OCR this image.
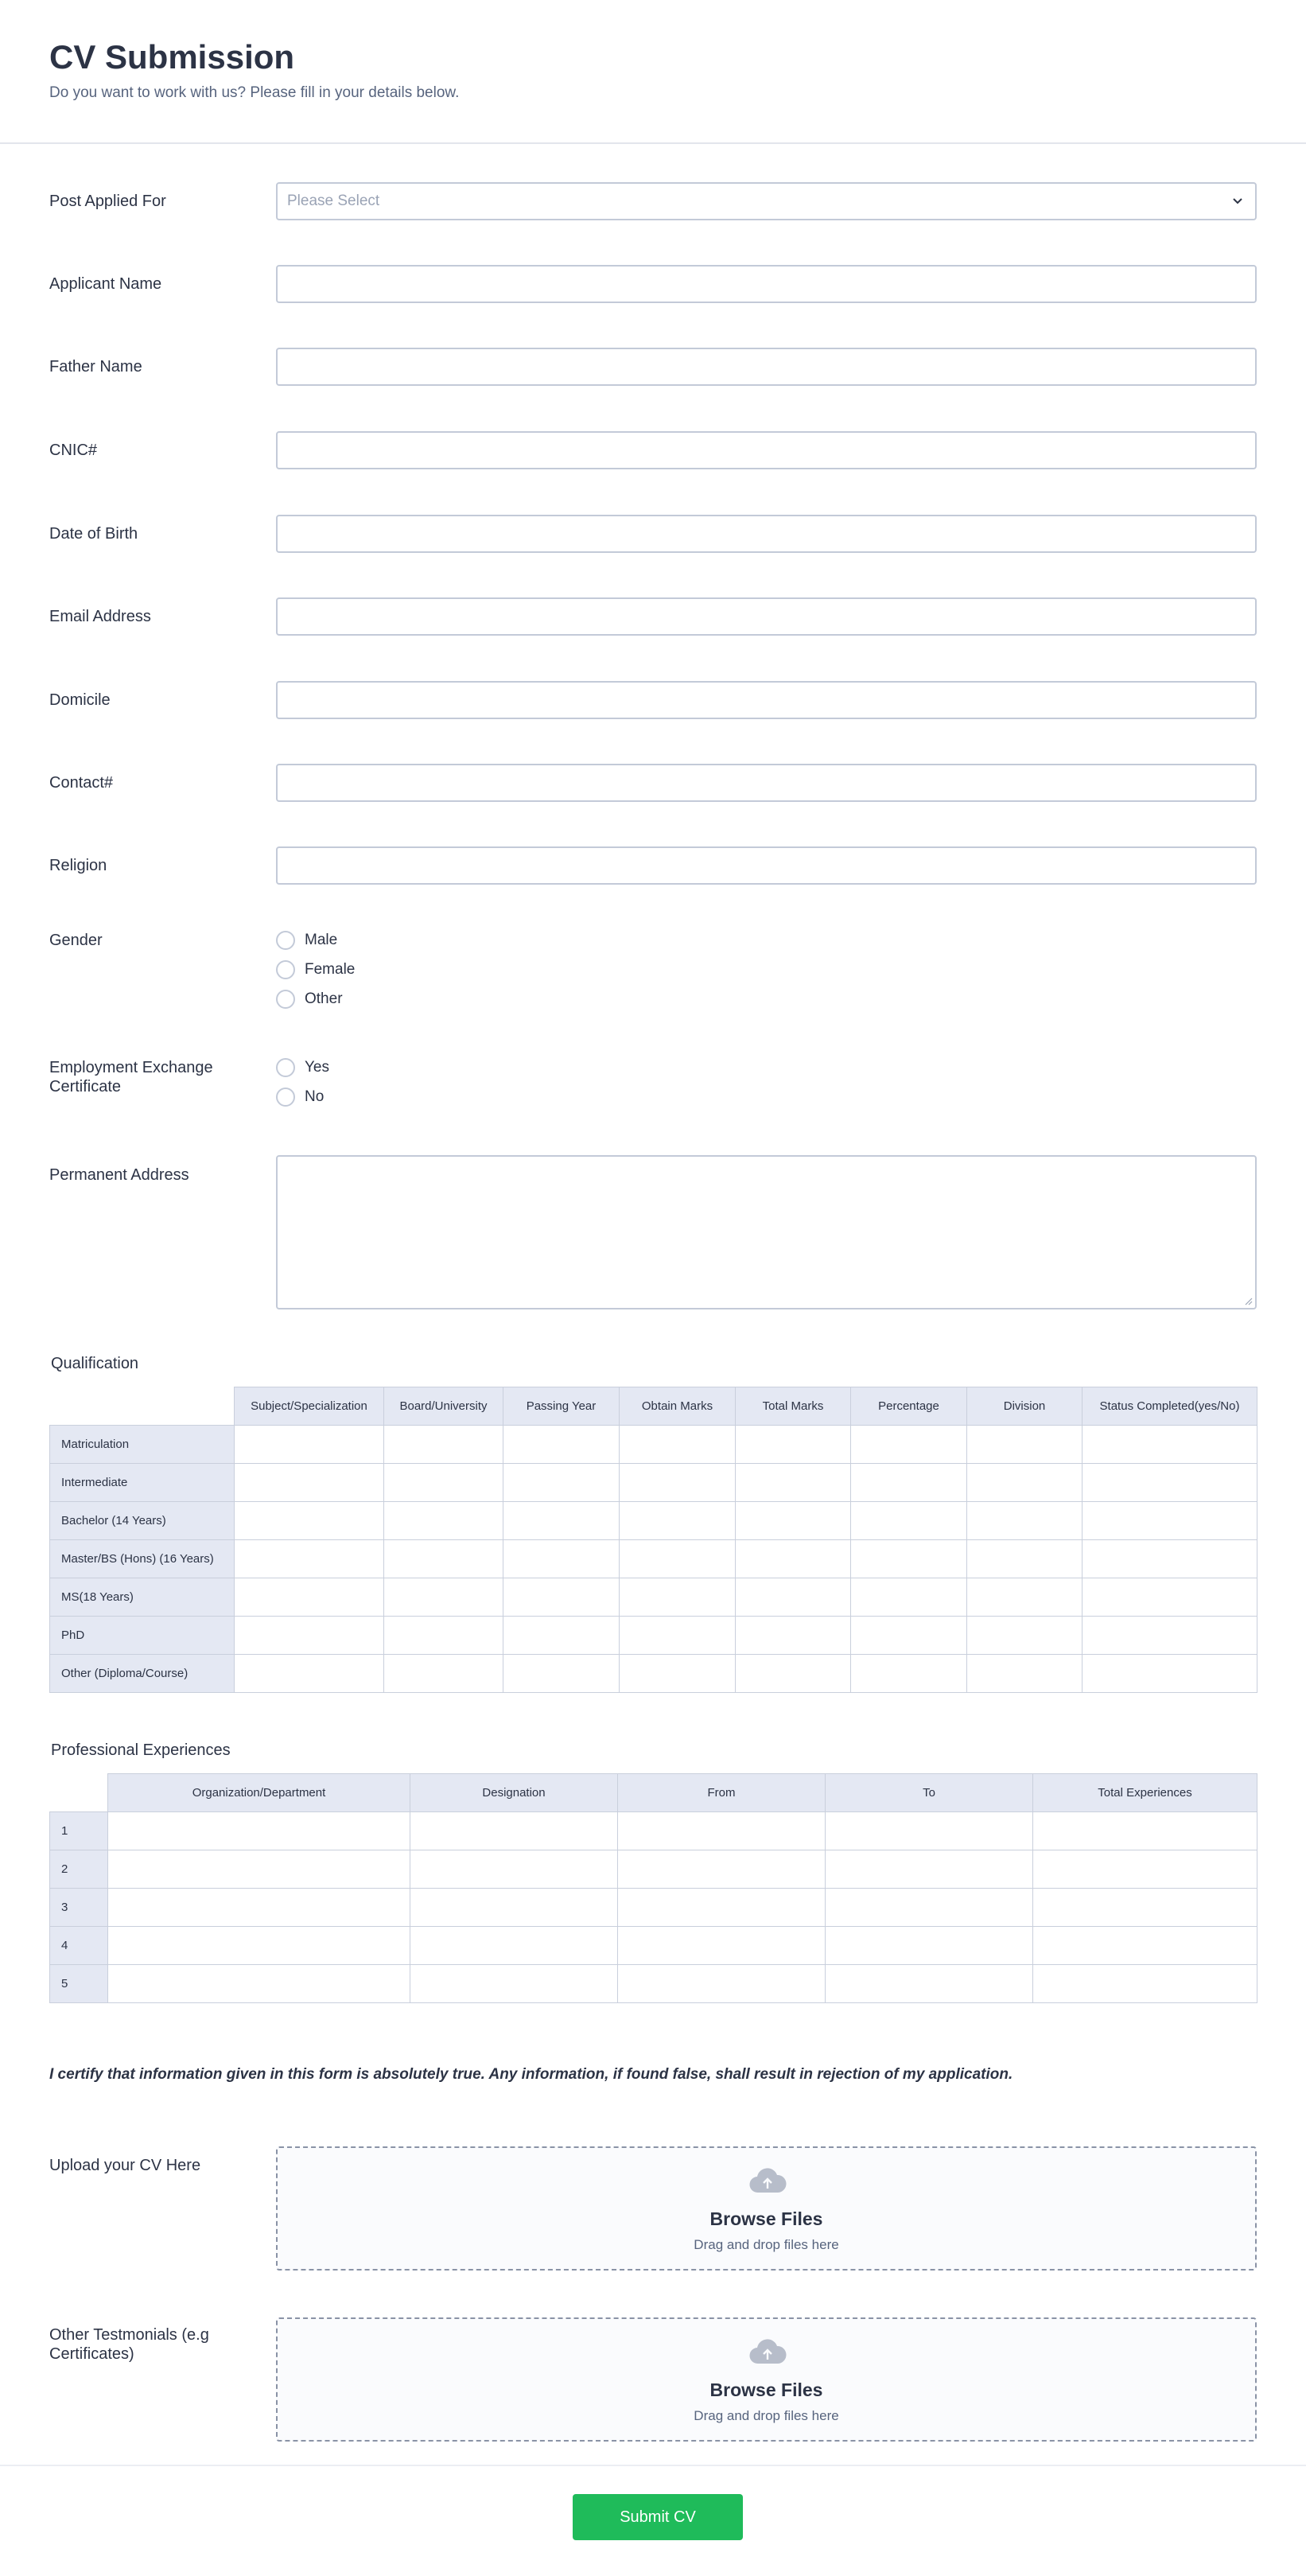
CV Submission
Do you want to work with us? Please fill in your details below.
Post Applied For	Please Select
Applicant Name
Father Name
CNIC#
Date of Birth
Email Address
Domicile
Contact#
Religion
Gender	Male
Female
Other
Employment Exchange Certificate
Yes
No
Permanent Address
Qualification
	Subject/Specialization	Board/University	Passing Year	Obtain Marks	Total Marks	Percentage	Division	Status Completed(yes/No)
Matriculation								
Intermediate								
Bachelor (14 Years)								
Master/BS (Hons) (16 Years)								
MS(18 Years)								
PhD								
Other (Diploma/Course)								
Professional Experiences
	Organization/Department	Designation	From	To	Total Experiences
1					
2					
3					
4					
5					
I certify that information given in this form is absolutely true. Any information, if found false, shall result in rejection of my application.
Upload your CV Here
Browse Files
Drag and drop files here
Other Testmonials (e.g Certificates)
Browse Files
Drag and drop files here
Submit CV
